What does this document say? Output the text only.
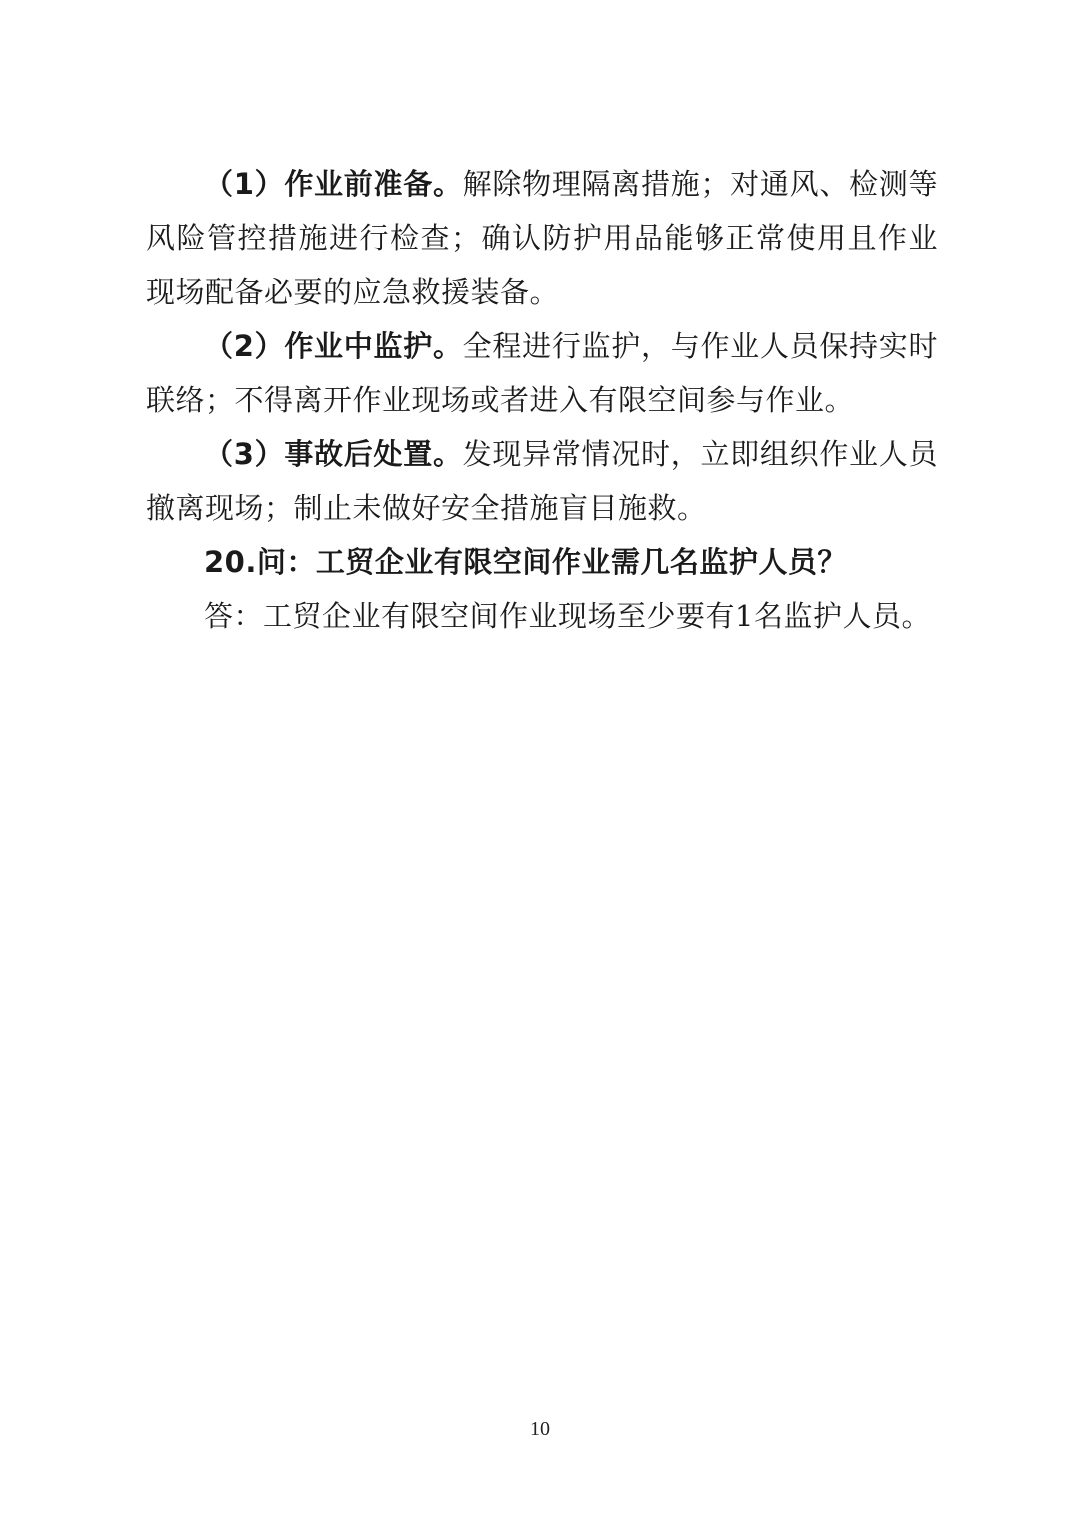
（1）作业前准备。解除物理隔离措施；对通风、检测等风险管控措施进行检查；确认防护用品能够正常使用且作业现场配备必要的应急救援装备。

（2）作业中监护。全程进行监护，与作业人员保持实时联络；不得离开作业现场或者进入有限空间参与作业。

（3）事故后处置。发现异常情况时，立即组织作业人员撤离现场；制止未做好安全措施盲目施救。

20.问：工贸企业有限空间作业需几名监护人员？

答：工贸企业有限空间作业现场至少要有1名监护人员。

10
